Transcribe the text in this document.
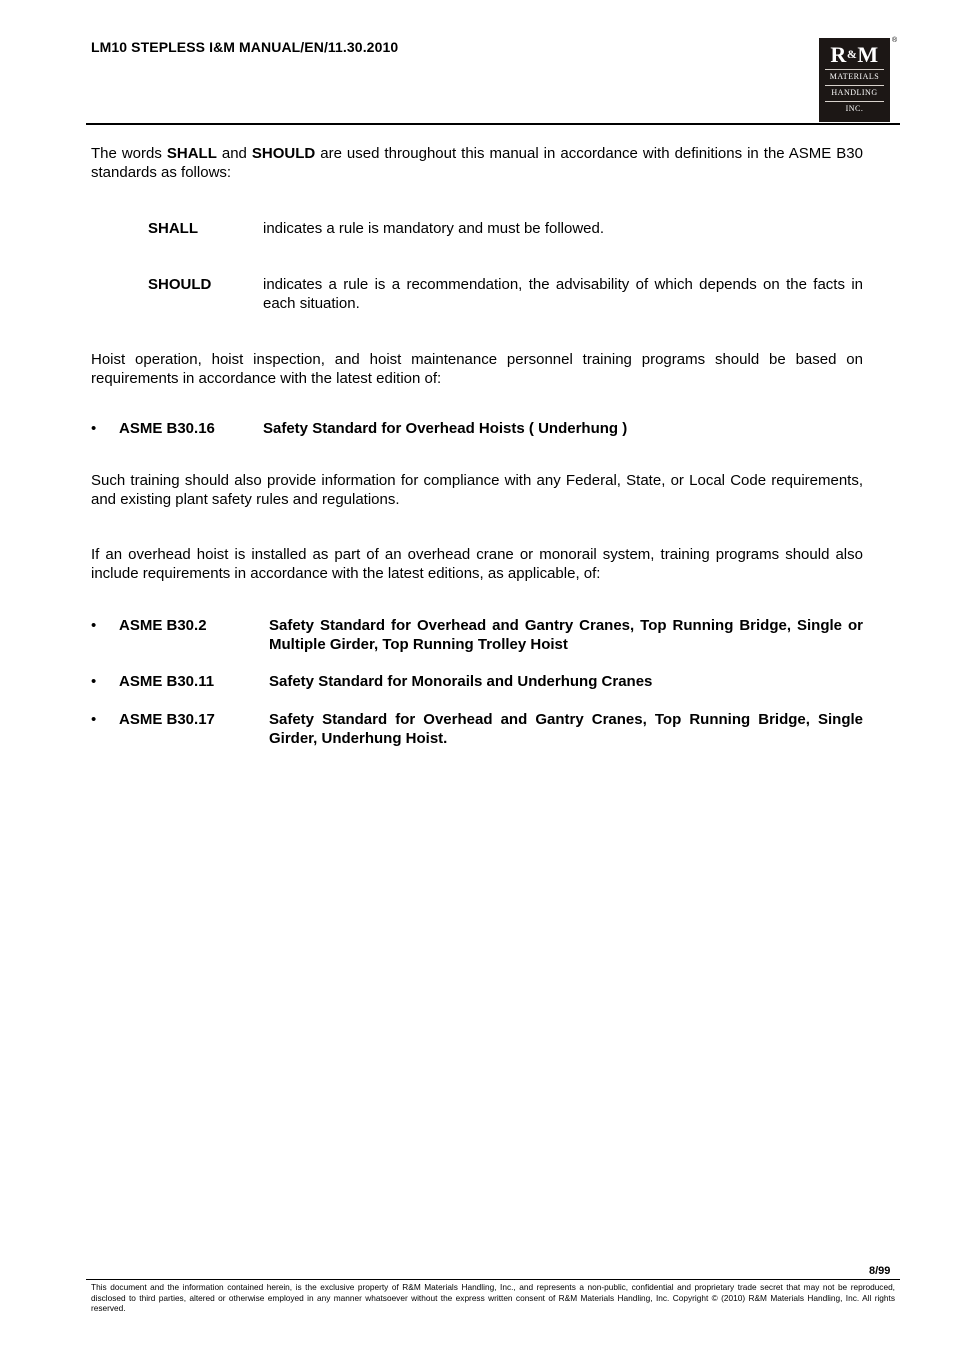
LM10 STEPLESS I&M MANUAL/EN/11.30.2010	R&M
MATERIALS
HANDLING
INC.
®
The words SHALL and SHOULD are used throughout this manual in accordance with definitions in the ASME B30 standards as follows:
SHALL	indicates a rule is mandatory and must be followed.
SHOULD	indicates a rule is a recommendation, the advisability of which depends on the facts in each situation.
Hoist operation, hoist inspection, and hoist maintenance personnel training programs should be based on requirements in accordance with the latest edition of:
• ASME B30.16	Safety Standard for Overhead Hoists ( Underhung )
Such training should also provide information for compliance with any Federal, State, or Local Code requirements, and existing plant safety rules and regulations.
If an overhead hoist is installed as part of an overhead crane or monorail system, training programs should also include requirements in accordance with the latest editions, as applicable, of:
• ASME B30.2	Safety Standard for Overhead and Gantry Cranes, Top Running Bridge, Single or Multiple Girder, Top Running Trolley Hoist
• ASME B30.11	Safety Standard for Monorails and Underhung Cranes
• ASME B30.17	Safety Standard for Overhead and Gantry Cranes, Top Running Bridge, Single Girder, Underhung Hoist.
8/99
This document and the information contained herein, is the exclusive property of R&M Materials Handling, Inc., and represents a non-public, confidential and proprietary trade secret that may not be reproduced, disclosed to third parties, altered or otherwise employed in any manner whatsoever without the express written consent of R&M Materials Handling, Inc. Copyright © (2010) R&M Materials Handling, Inc. All rights reserved.
